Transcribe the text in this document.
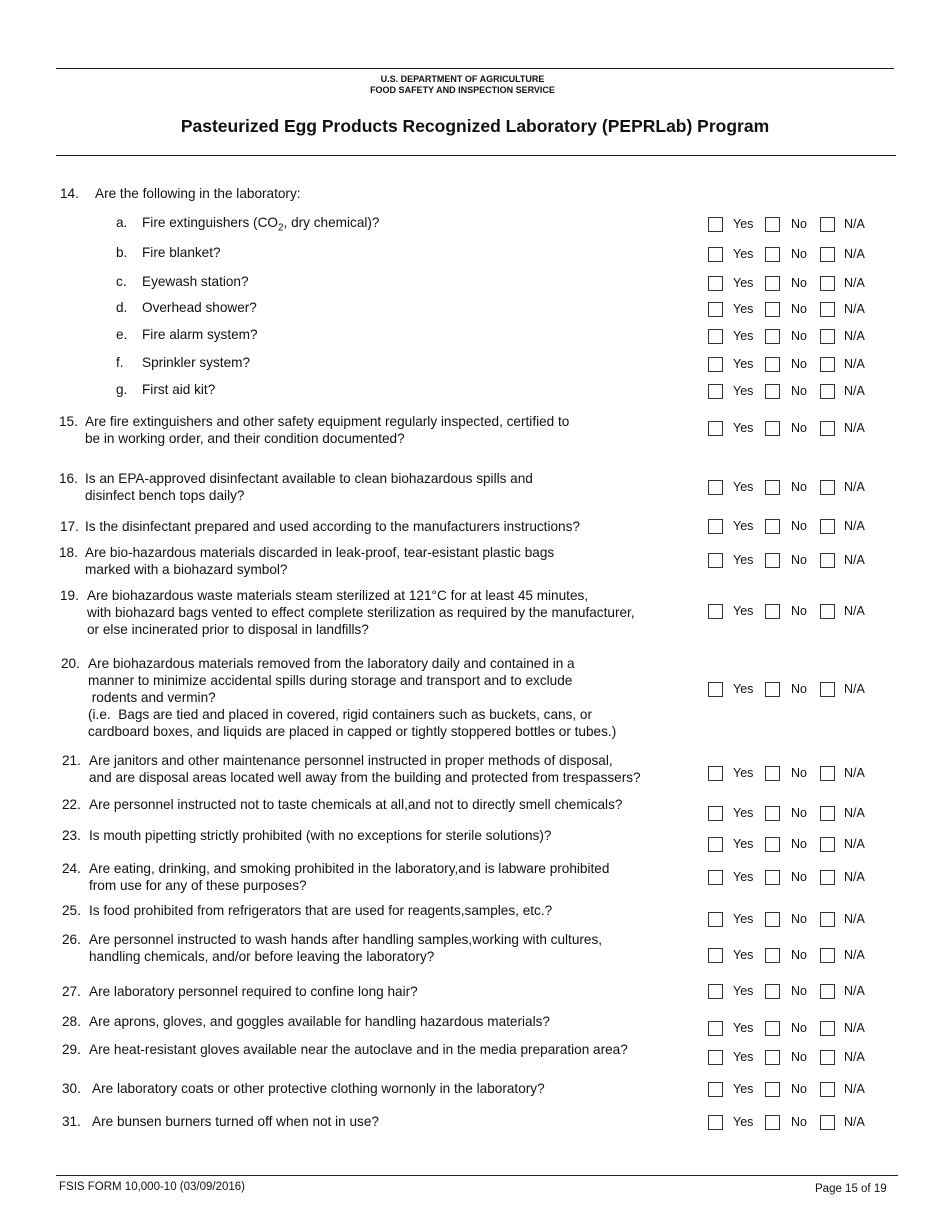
U.S. DEPARTMENT OF AGRICULTURE
FOOD SAFETY AND INSPECTION SERVICE
Pasteurized Egg Products Recognized Laboratory (PEPRLab) Program
14. Are the following in the laboratory:
a. Fire extinguishers ($CO_2$, dry chemical)?	Yes	No	N/A
b. Fire blanket?	Yes	No	N/A
c. Eyewash station?	Yes	No	N/A
d. Overhead shower?	Yes	No	N/A
e. Fire alarm system?	Yes	No	N/A
f. Sprinkler system?	Yes	No	N/A
g. First aid kit?	Yes	No	N/A
15. Are fire extinguishers and other safety equipment regularly inspected, certified to
be in working order, and their condition documented?
Yes	No	N/A
16. Is an EPA-approved disinfectant available to clean biohazardous spills and
disinfect bench tops daily?
Yes	No	N/A
17. Is the disinfectant prepared and used according to the manufacturers instructions?	Yes	No	N/A
18. Are bio-hazardous materials discarded in leak-proof, tear-esistant plastic bags
marked with a biohazard symbol?
Yes	No	N/A
19. Are biohazardous waste materials steam sterilized at 121°C for at least 45 minutes,
with biohazard bags vented to effect complete sterilization as required by the manufacturer,
or else incinerated prior to disposal in landfills?
Yes	No	N/A
20. Are biohazardous materials removed from the laboratory daily and contained in a
manner to minimize accidental spills during storage and transport and to exclude
rodents and vermin?
(i.e.  Bags are tied and placed in covered, rigid containers such as buckets, cans, or
cardboard boxes, and liquids are placed in capped or tightly stoppered bottles or tubes.)
Yes	No	N/A
21. Are janitors and other maintenance personnel instructed in proper methods of disposal,
and are disposal areas located well away from the building and protected from trespassers?	Yes	No	N/A
22. Are personnel instructed not to taste chemicals at all,and not to directly smell chemicals?
Yes	No	N/A
23. Is mouth pipetting strictly prohibited (with no exceptions for sterile solutions)?
Yes	No	N/A
24. Are eating, drinking, and smoking prohibited in the laboratory,and is labware prohibited
from use for any of these purposes?
Yes	No	N/A
25. Is food prohibited from refrigerators that are used for reagents,samples, etc.?
Yes	No	N/A
26. Are personnel instructed to wash hands after handling samples,working with cultures,
handling chemicals, and/or before leaving the laboratory?	Yes	No	N/A
27. Are laboratory personnel required to confine long hair?	Yes	No	N/A
28. Are aprons, gloves, and goggles available for handling hazardous materials?	Yes	No	N/A
29. Are heat-resistant gloves available near the autoclave and in the media preparation area?	Yes	No	N/A
30. Are laboratory coats or other protective clothing wornonly in the laboratory?	Yes	No	N/A
31. Are bunsen burners turned off when not in use?	Yes	No	N/A
FSIS FORM 10,000-10 (03/09/2016)	Page 15 of 19
